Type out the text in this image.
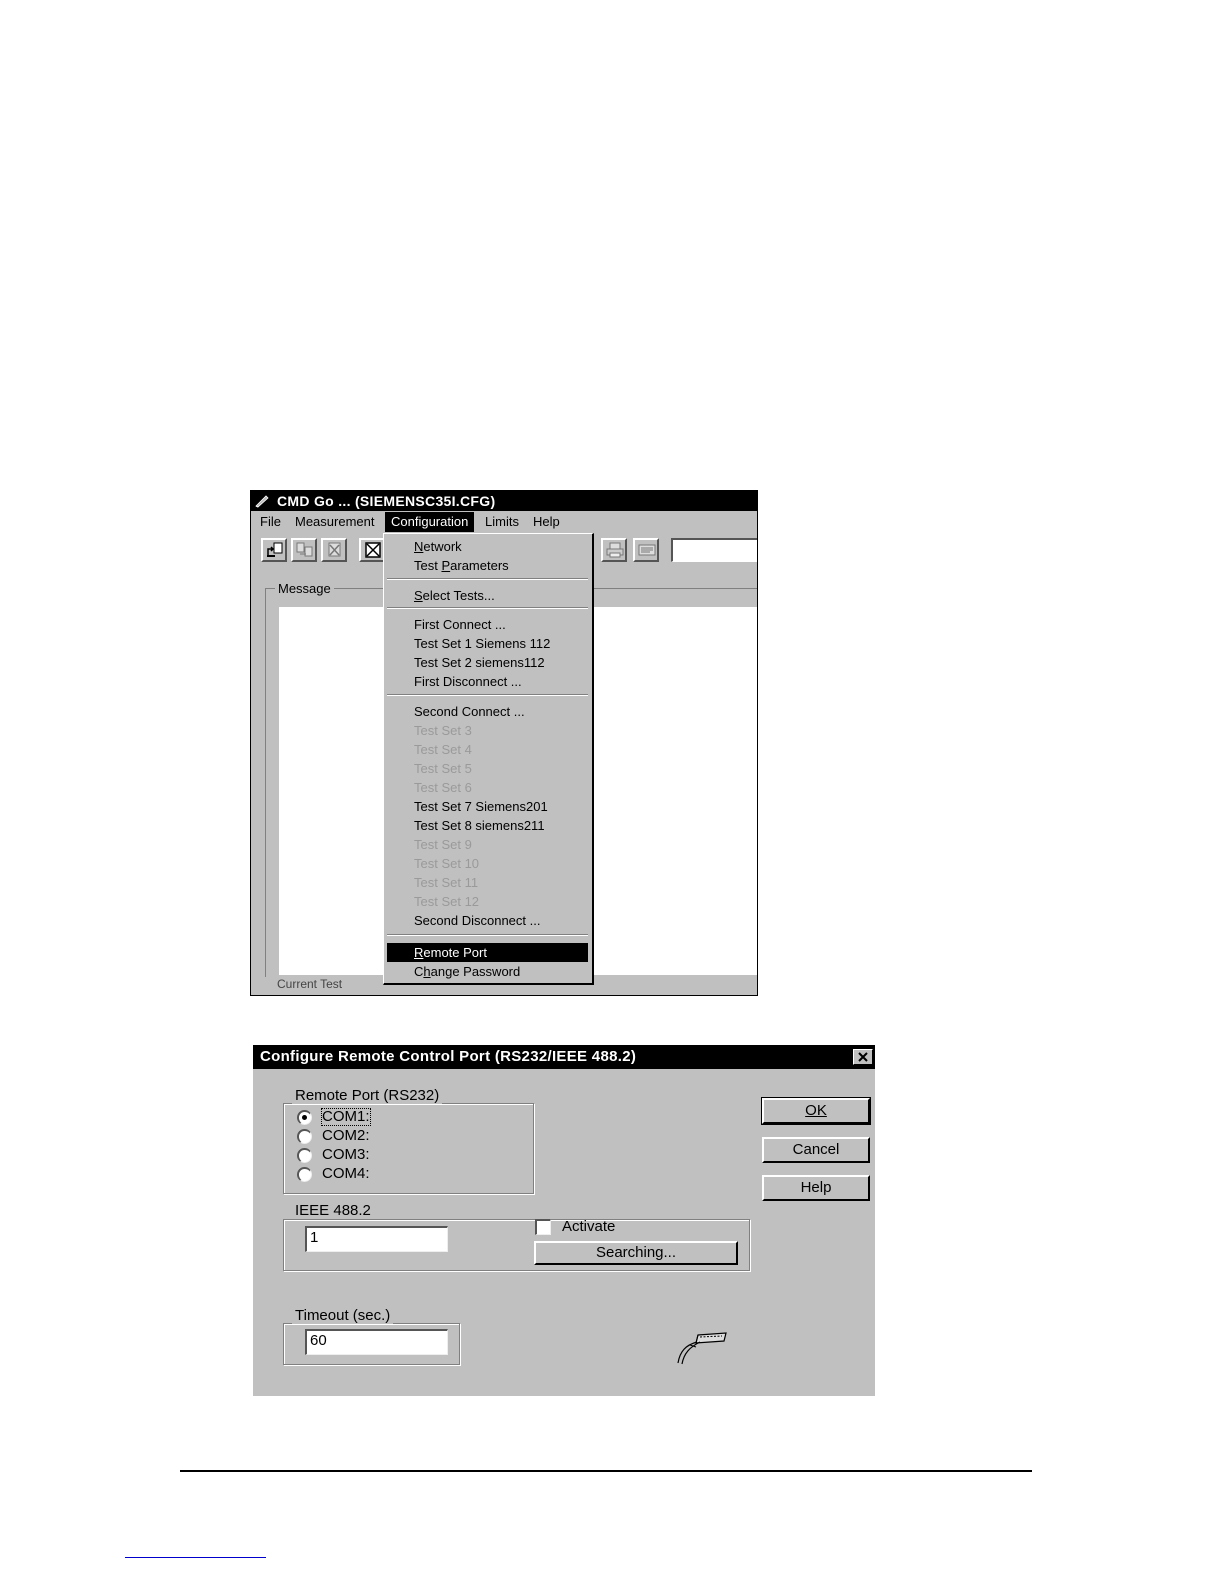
CMD Go ... (SIEMENSC35I.CFG)
File	Measurement	Configuration	Limits	Help
Message
Current Test
Network
Test Parameters
Select Tests...
First Connect ...
Test Set 1 Siemens 112
Test Set 2 siemens112
First Disconnect ...
Second Connect ...
Test Set 3
Test Set 4
Test Set 5
Test Set 6
Test Set 7 Siemens201
Test Set 8 siemens211
Test Set 9
Test Set 10
Test Set 11
Test Set 12
Second Disconnect ...
Remote Port
Change Password
Configure Remote Control Port (RS232/IEEE 488.2)
Remote Port (RS232)
COM1:
COM2:
COM3:
COM4:
OK
Cancel
Help
IEEE 488.2
1
Activate
Searching...
Timeout (sec.)
60
